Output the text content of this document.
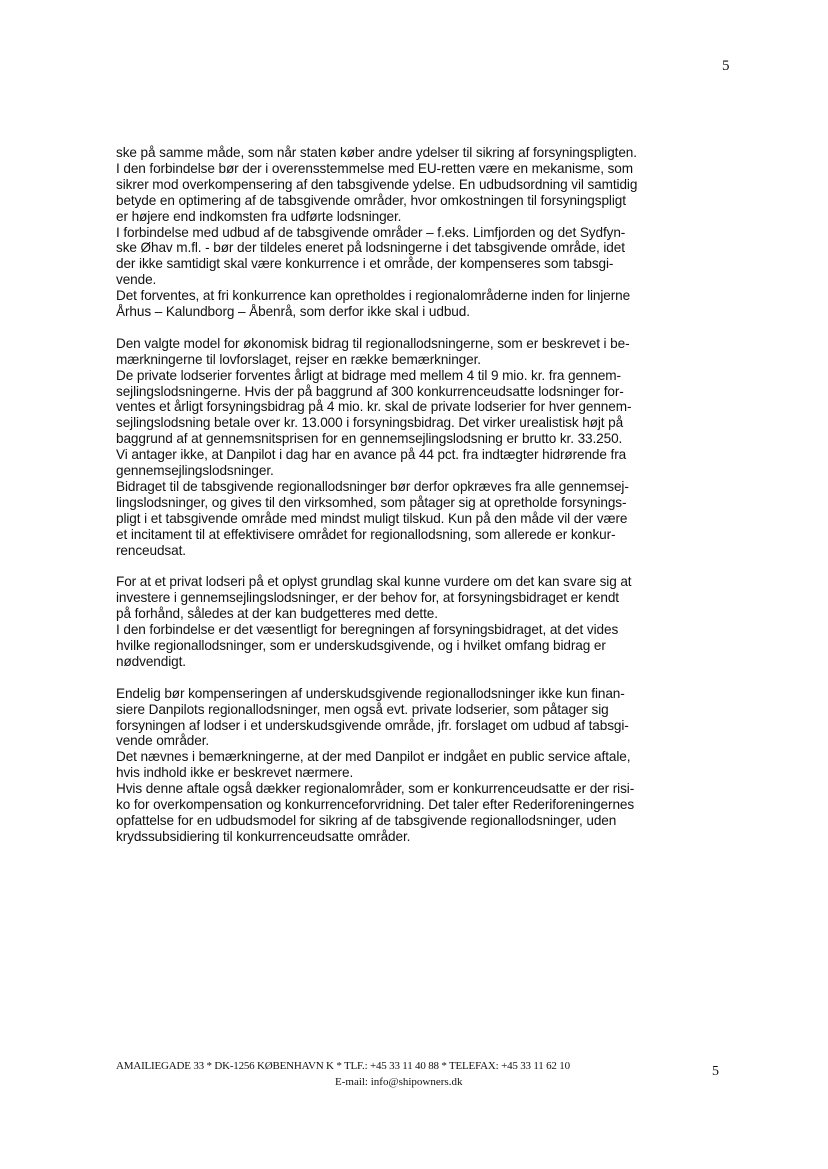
5
ske på samme måde, som når staten køber andre ydelser til sikring af forsyningspligten.
I den forbindelse bør der i overensstemmelse med EU-retten være en mekanisme, som
sikrer mod overkompensering af den tabsgivende ydelse. En udbudsordning vil samtidig
betyde en optimering af de tabsgivende områder, hvor omkostningen til forsyningspligt
er højere end indkomsten fra udførte lodsninger.
I forbindelse med udbud af de tabsgivende områder – f.eks. Limfjorden og det Sydfyn-
ske Øhav m.fl. - bør der tildeles eneret på lodsningerne i det tabsgivende område, idet
der ikke samtidigt skal være konkurrence i et område, der kompenseres som tabsgi-
vende.
Det forventes, at fri konkurrence kan opretholdes i regionalområderne inden for linjerne
Århus – Kalundborg – Åbenrå, som derfor ikke skal i udbud.
Den valgte model for økonomisk bidrag til regionallodsningerne, som er beskrevet i be-
mærkningerne til lovforslaget, rejser en række bemærkninger.
De private lodserier forventes årligt at bidrage med mellem 4 til 9 mio. kr. fra gennem-
sejlingslodsningerne. Hvis der på baggrund af 300 konkurrenceudsatte lodsninger for-
ventes et årligt forsyningsbidrag på 4 mio. kr. skal de private lodserier for hver gennem-
sejlingslodsning betale over kr. 13.000 i forsyningsbidrag. Det virker urealistisk højt på
baggrund af at gennemsnitsprisen for en gennemsejlingslodsning er brutto kr. 33.250.
Vi antager ikke, at Danpilot i dag har en avance på 44 pct. fra indtægter hidrørende fra
gennemsejlingslodsninger.
Bidraget til de tabsgivende regionallodsninger bør derfor opkræves fra alle gennemsej-
lingslodsninger, og gives til den virksomhed, som påtager sig at opretholde forsynings-
pligt i et tabsgivende område med mindst muligt tilskud. Kun på den måde vil der være
et incitament til at effektivisere området for regionallodsning, som allerede er konkur-
renceudsat.
For at et privat lodseri på et oplyst grundlag skal kunne vurdere om det kan svare sig at
investere i gennemsejlingslodsninger, er der behov for, at forsyningsbidraget er kendt
på forhånd, således at der kan budgetteres med dette.
I den forbindelse er det væsentligt for beregningen af forsyningsbidraget, at det vides
hvilke regionallodsninger, som er underskudsgivende, og i hvilket omfang bidrag er
nødvendigt.
Endelig bør kompenseringen af underskudsgivende regionallodsninger ikke kun finan-
siere Danpilots regionallodsninger, men også evt. private lodserier, som påtager sig
forsyningen af lodser i et underskudsgivende område, jfr. forslaget om udbud af tabsgi-
vende områder.
Det nævnes i bemærkningerne, at der med Danpilot er indgået en public service aftale,
hvis indhold ikke er beskrevet nærmere.
Hvis denne aftale også dækker regionalområder, som er konkurrenceudsatte er der risi-
ko for overkompensation og konkurrenceforvridning. Det taler efter Rederiforeningernes
opfattelse for en udbudsmodel for sikring af de tabsgivende regionallodsninger, uden
krydssubsidiering til konkurrenceudsatte områder.
AMAILIEGADE 33 * DK-1256 KØBENHAVN K * TLF.: +45 33 11 40 88 * TELEFAX: +45 33 11 62 10
E-mail: info@shipowners.dk
5
